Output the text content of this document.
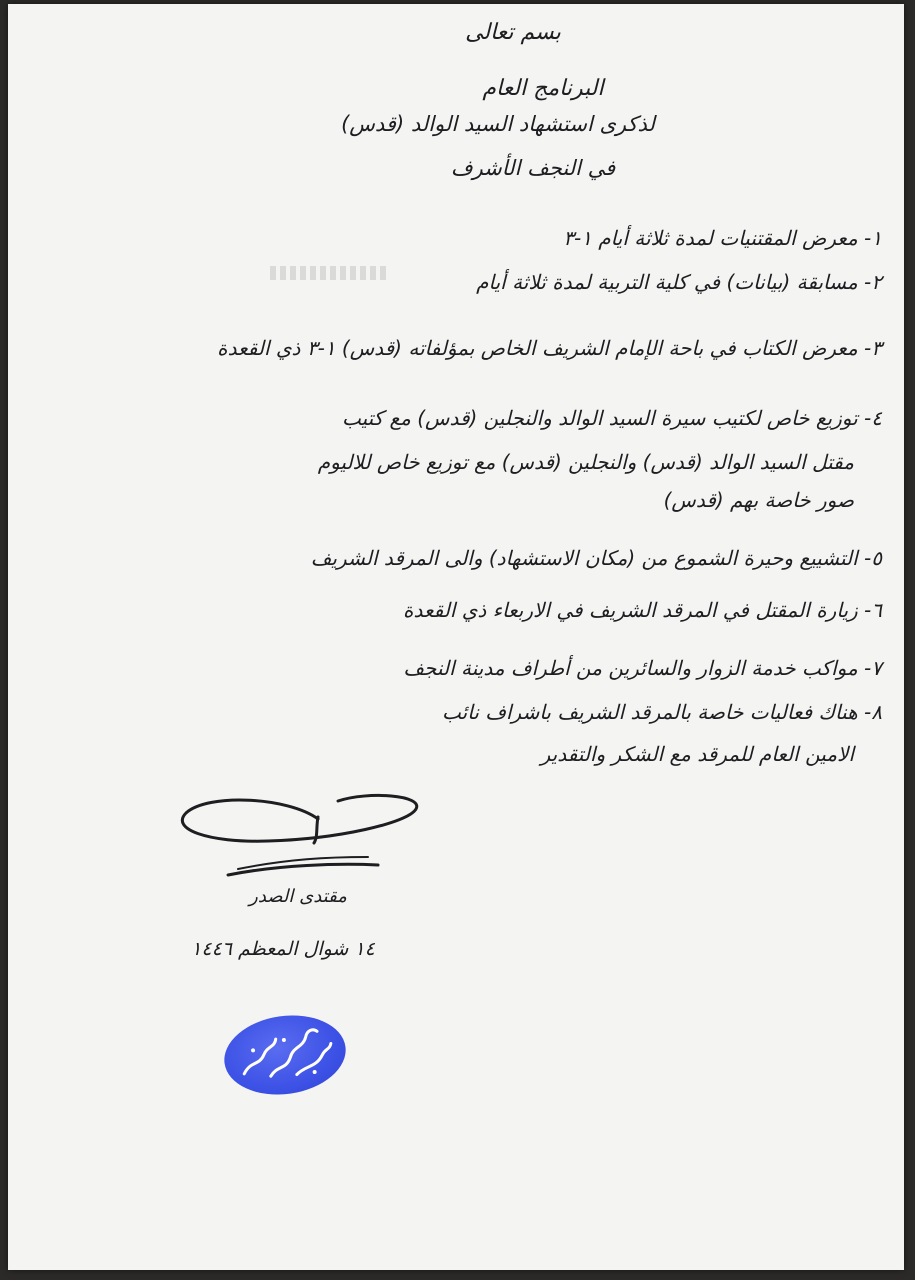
بسم تعالى
البرنامج العام
لذكرى استشهاد السيد الوالد (قدس)
في النجف الأشرف
١- معرض المقتنيات لمدة ثلاثة أيام ١-٣
٢- مسابقة (بيانات) في كلية التربية لمدة ثلاثة أيام
٣- معرض الكتاب في باحة الإمام الشريف الخاص بمؤلفاته (قدس) ١-٣ ذي القعدة
٤- توزيع خاص لكتيب سيرة السيد الوالد والنجلين (قدس) مع كتيب
مقتل السيد الوالد (قدس) والنجلين (قدس) مع توزيع خاص للاليوم
صور خاصة بهم (قدس)
٥- التشييع وحيرة الشموع من (مكان الاستشهاد) والى المرقد الشريف
٦- زيارة المقتل في المرقد الشريف في الاربعاء ذي القعدة
٧- مواكب خدمة الزوار والسائرين من أطراف مدينة النجف
٨- هناك فعاليات خاصة بالمرقد الشريف باشراف نائب
الامين العام للمرقد مع الشكر والتقدير
مقتدى الصدر
١٤ شوال المعظم ١٤٤٦
